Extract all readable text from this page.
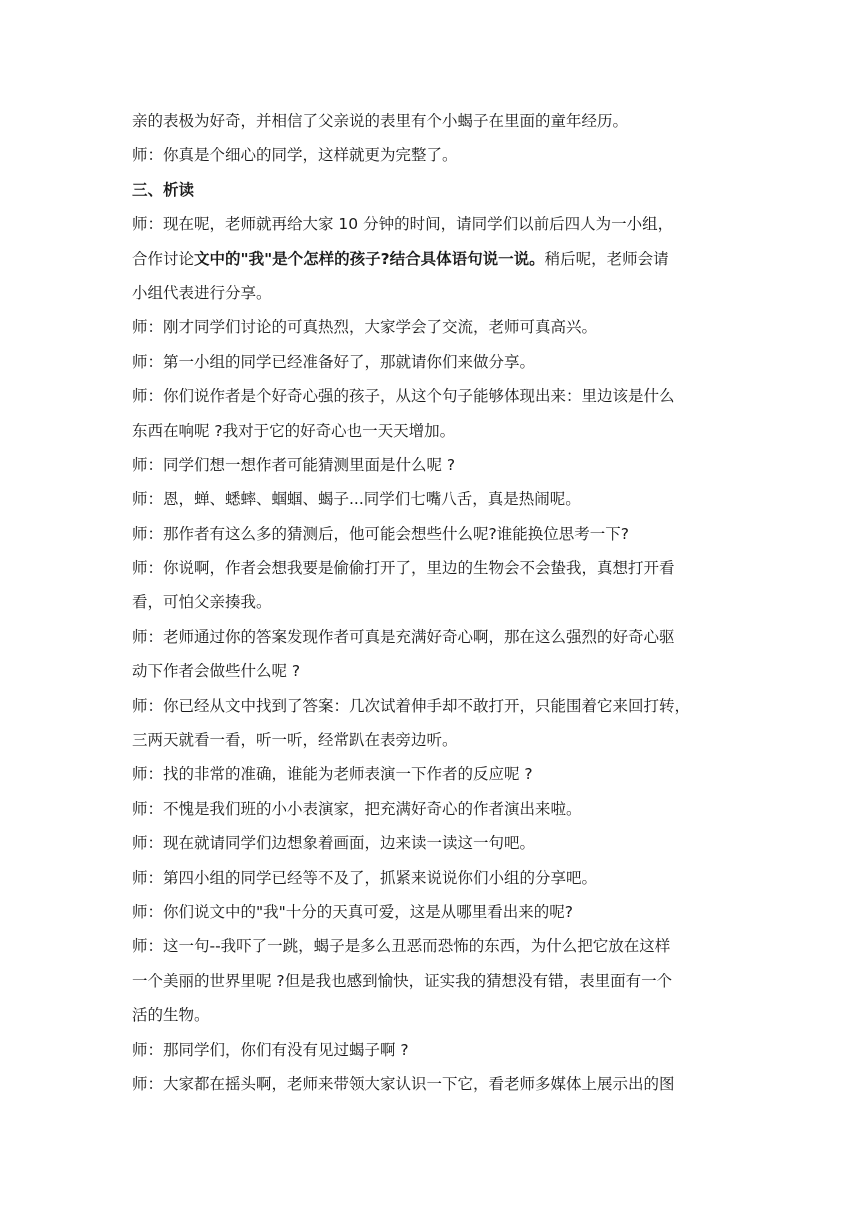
亲的表极为好奇，并相信了父亲说的表里有个小蝎子在里面的童年经历。
师：你真是个细心的同学，这样就更为完整了。
三、析读
师：现在呢，老师就再给大家 10 分钟的时间，请同学们以前后四人为一小组，
合作讨论文中的"我"是个怎样的孩子?结合具体语句说一说。稍后呢，老师会请
小组代表进行分享。
师：刚才同学们讨论的可真热烈，大家学会了交流，老师可真高兴。
师：第一小组的同学已经准备好了，那就请你们来做分享。
师：你们说作者是个好奇心强的孩子，从这个句子能够体现出来：里边该是什么
东西在响呢 ?我对于它的好奇心也一天天增加。
师：同学们想一想作者可能猜测里面是什么呢 ?
师：恩，蝉、蟋蟀、蝈蝈、蝎子...同学们七嘴八舌，真是热闹呢。
师：那作者有这么多的猜测后，他可能会想些什么呢?谁能换位思考一下?
师：你说啊，作者会想我要是偷偷打开了，里边的生物会不会蛰我，真想打开看
看，可怕父亲揍我。
师：老师通过你的答案发现作者可真是充满好奇心啊，那在这么强烈的好奇心驱
动下作者会做些什么呢 ?
师：你已经从文中找到了答案：几次试着伸手却不敢打开，只能围着它来回打转，
三两天就看一看，听一听，经常趴在表旁边听。
师：找的非常的准确，谁能为老师表演一下作者的反应呢 ?
师：不愧是我们班的小小表演家，把充满好奇心的作者演出来啦。
师：现在就请同学们边想象着画面，边来读一读这一句吧。
师：第四小组的同学已经等不及了，抓紧来说说你们小组的分享吧。
师：你们说文中的"我"十分的天真可爱，这是从哪里看出来的呢?
师：这一句--我吓了一跳，蝎子是多么丑恶而恐怖的东西，为什么把它放在这样
一个美丽的世界里呢 ?但是我也感到愉快，证实我的猜想没有错，表里面有一个
活的生物。
师：那同学们，你们有没有见过蝎子啊 ?
师：大家都在摇头啊，老师来带领大家认识一下它，看老师多媒体上展示出的图
